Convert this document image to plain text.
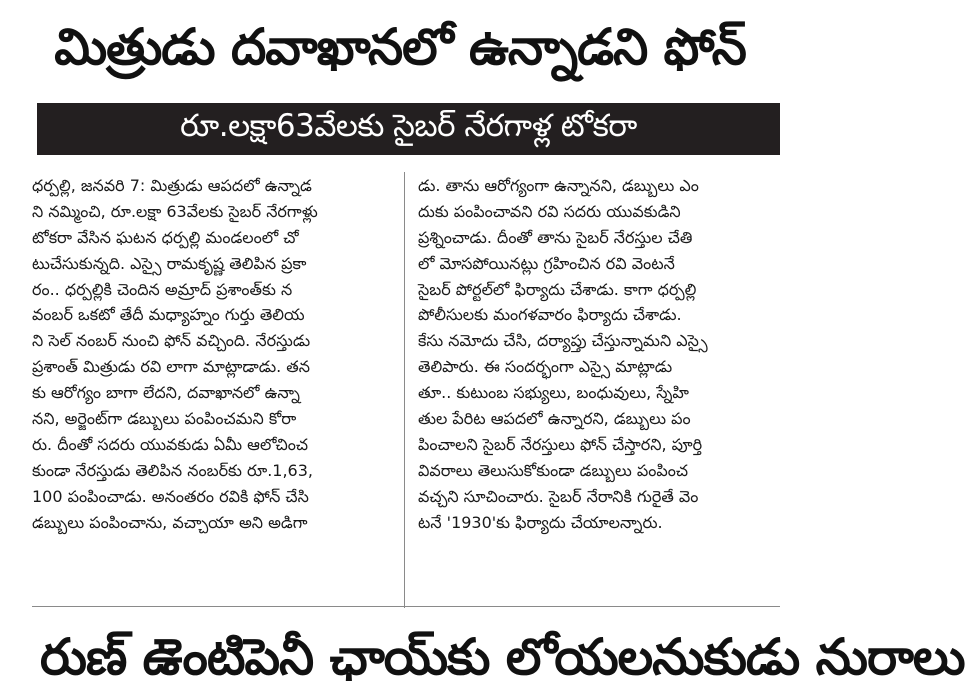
మిత్రుడు దవాఖానలో ఉన్నాడని ఫోన్
రూ.లక్షా63వేలకు సైబర్ నేరగాళ్ల టోకరా
ధర్పల్లి, జనవరి 7: మిత్రుడు ఆపదలో ఉన్నాడ
ని నమ్మించి, రూ.లక్షా 63వేలకు సైబర్ నేరగాళ్లు
టోకరా వేసిన ఘటన ధర్పల్లి మండలంలో చో
టుచేసుకున్నది. ఎస్సై రామకృష్ణ తెలిపిన ప్రకా
రం.. ధర్పల్లికి చెందిన అమ్రాద్ ప్రశాంత్‌కు న
వంబర్ ఒకటో తేదీ మధ్యాహ్నం గుర్తు తెలియ
ని సెల్ నంబర్ నుంచి ఫోన్ వచ్చింది. నేరస్తుడు
ప్రశాంత్ మిత్రుడు రవి లాగా మాట్లాడాడు. తన
కు ఆరోగ్యం బాగా లేదని, దవాఖానలో ఉన్నా
నని, అర్జెంట్‌గా డబ్బులు పంపించమని కోరా
రు. దీంతో సదరు యువకుడు ఏమీ ఆలోచించ
కుండా నేరస్తుడు తెలిపిన నంబర్‌కు రూ.1,63,
100 పంపించాడు. అనంతరం రవికి ఫోన్ చేసి
డబ్బులు పంపించాను, వచ్చాయా అని అడిగా
డు. తాను ఆరోగ్యంగా ఉన్నానని, డబ్బులు ఎం
దుకు పంపించావని రవి సదరు యువకుడిని
ప్రశ్నించాడు. దీంతో తాను సైబర్ నేరస్తుల చేతి
లో మోసపోయినట్లు గ్రహించిన రవి వెంటనే
సైబర్ పోర్టల్‌లో ఫిర్యాదు చేశాడు. కాగా ధర్పల్లి
పోలీసులకు మంగళవారం ఫిర్యాదు చేశాడు.
కేసు నమోదు చేసి, దర్యాప్తు చేస్తున్నామని ఎస్సై
తెలిపారు. ఈ సందర్భంగా ఎస్సై మాట్లాడు
తూ.. కుటుంబ సభ్యులు, బంధువులు, స్నేహి
తుల పేరిట ఆపదలో ఉన్నారని, డబ్బులు పం
పించాలని సైబర్ నేరస్తులు ఫోన్ చేస్తారని, పూర్తి
వివరాలు తెలుసుకోకుండా డబ్బులు పంపించ
వచ్చని సూచించారు. సైబర్ నేరానికి గురైతే వెం
టనే '1930'కు ఫిర్యాదు చేయాలన్నారు.
రుణ్ ఉెంటిపెనీ ఛాయ్‌కు లోయలనుకుడు నురాలు
